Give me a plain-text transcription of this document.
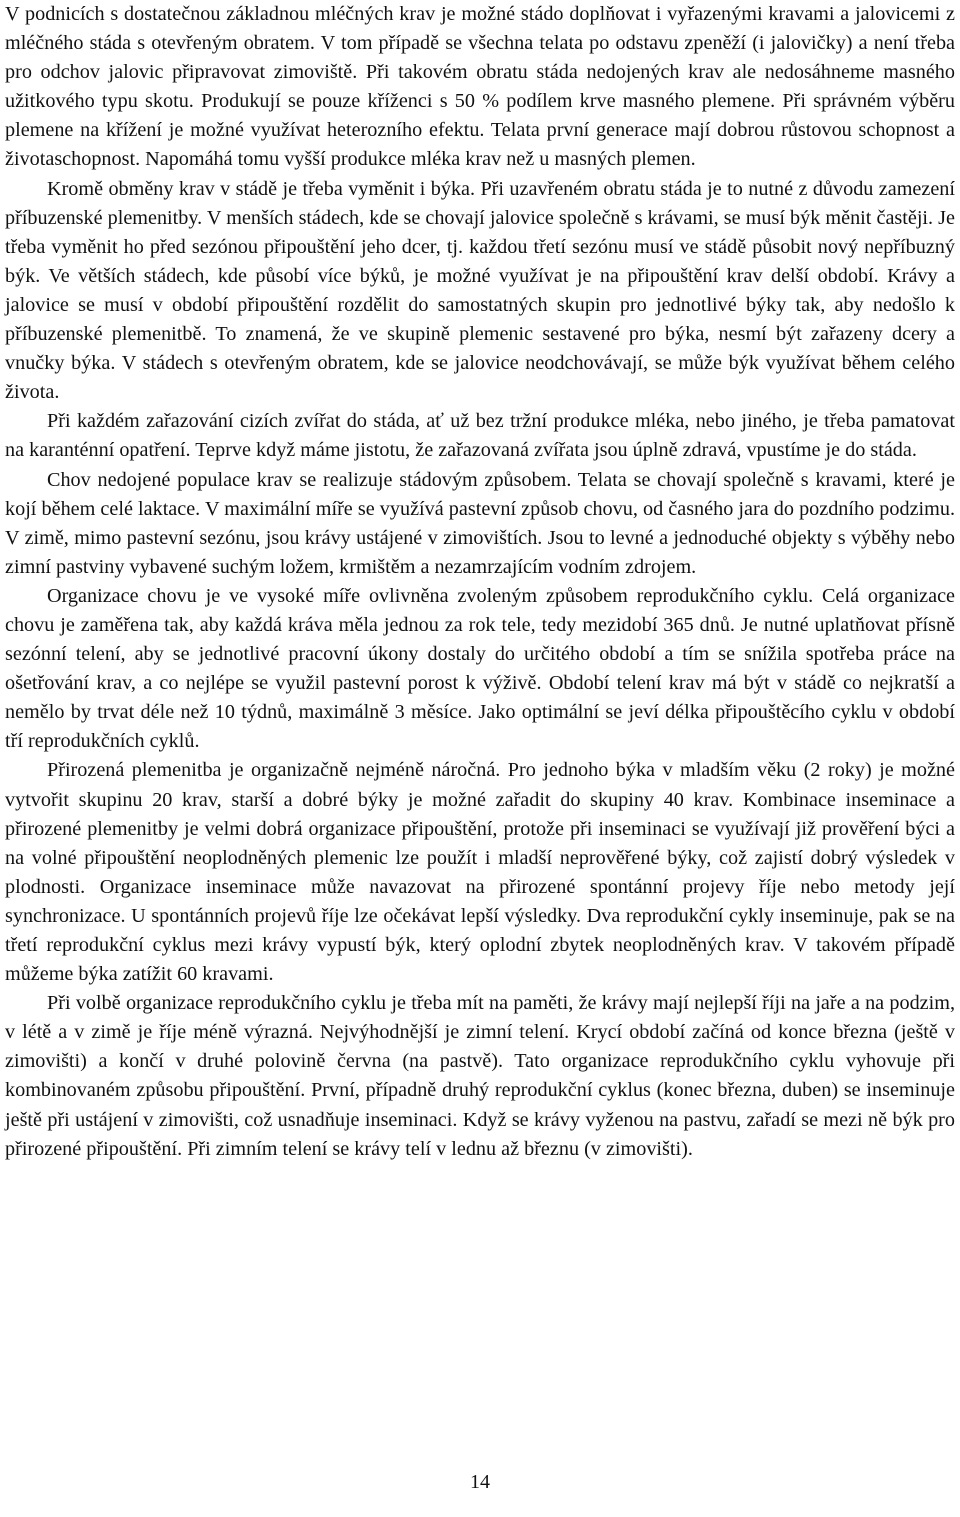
V podnicích s dostatečnou základnou mléčných krav je možné stádo doplňovat i vyřazenými kravami a jalovicemi z mléčného stáda s otevřeným obratem. V tom případě se všechna telata po odstavu zpeněží (i jalovičky) a není třeba pro odchov jalovic připravovat zimoviště. Při takovém obratu stáda nedojených krav ale nedosáhneme masného užitkového typu skotu. Produkují se pouze kříženci s 50 % podílem krve masného plemene. Při správném výběru plemene na křížení je možné využívat heterozního efektu. Telata první generace mají dobrou růstovou schopnost a životaschopnost. Napomáhá tomu vyšší produkce mléka krav než u masných plemen.

Kromě obměny krav v stádě je třeba vyměnit i býka. Při uzavřeném obratu stáda je to nutné z důvodu zamezení příbuzenské plemenitby. V menších stádech, kde se chovají jalovice společně s krávami, se musí býk měnit častěji. Je třeba vyměnit ho před sezónou připouštění jeho dcer, tj. každou třetí sezónu musí ve stádě působit nový nepříbuzný býk. Ve větších stádech, kde působí více býků, je možné využívat je na připouštění krav delší období. Krávy a jalovice se musí v období připouštění rozdělit do samostatných skupin pro jednotlivé býky tak, aby nedošlo k příbuzenské plemenitbě. To znamená, že ve skupině plemenic sestavené pro býka, nesmí být zařazeny dcery a vnučky býka. V stádech s otevřeným obratem, kde se jalovice neodchovávají, se může býk využívat během celého života.

Při každém zařazování cizích zvířat do stáda, ať už bez tržní produkce mléka, nebo jiného, je třeba pamatovat na karanténní opatření. Teprve když máme jistotu, že zařazovaná zvířata jsou úplně zdravá, vpustíme je do stáda.

Chov nedojené populace krav se realizuje stádovým způsobem. Telata se chovají společně s kravami, které je kojí během celé laktace. V maximální míře se využívá pastevní způsob chovu, od časného jara do pozdního podzimu. V zimě, mimo pastevní sezónu, jsou krávy ustájené v zimovištích. Jsou to levné a jednoduché objekty s výběhy nebo zimní pastviny vybavené suchým ložem, krmištěm a nezamrzajícím vodním zdrojem.

Organizace chovu je ve vysoké míře ovlivněna zvoleným způsobem reprodukčního cyklu. Celá organizace chovu je zaměřena tak, aby každá kráva měla jednou za rok tele, tedy mezidobí 365 dnů. Je nutné uplatňovat přísně sezónní telení, aby se jednotlivé pracovní úkony dostaly do určitého období a tím se snížila spotřeba práce na ošetřování krav, a co nejlépe se využil pastevní porost k výživě. Období telení krav má být v stádě co nejkratší a nemělo by trvat déle než 10 týdnů, maximálně 3 měsíce. Jako optimální se jeví délka připouštěcího cyklu v období tří reprodukčních cyklů.

Přirozená plemenitba je organizačně nejméně náročná. Pro jednoho býka v mladším věku (2 roky) je možné vytvořit skupinu 20 krav, starší a dobré býky je možné zařadit do skupiny 40 krav. Kombinace inseminace a přirozené plemenitby je velmi dobrá organizace připouštění, protože při inseminaci se využívají již prověření býci a na volné připouštění neoplodněných plemenic lze použít i mladší neprověřené býky, což zajistí dobrý výsledek v plodnosti. Organizace inseminace může navazovat na přirozené spontánní projevy říje nebo metody její synchronizace. U spontánních projevů říje lze očekávat lepší výsledky. Dva reprodukční cykly inseminuje, pak se na třetí reprodukční cyklus mezi krávy vypustí býk, který oplodní zbytek neoplodněných krav. V takovém případě můžeme býka zatížit 60 kravami.

Při volbě organizace reprodukčního cyklu je třeba mít na paměti, že krávy mají nejlepší říji na jaře a na podzim, v létě a v zimě je říje méně výrazná. Nejvýhodnější je zimní telení. Krycí období začíná od konce března (ještě v zimovišti) a končí v druhé polovině června (na pastvě). Tato organizace reprodukčního cyklu vyhovuje při kombinovaném způsobu připouštění. První, případně druhý reprodukční cyklus (konec března, duben) se inseminuje ještě při ustájení v zimovišti, což usnadňuje inseminaci. Když se krávy vyženou na pastvu, zařadí se mezi ně býk pro přirozené připouštění. Při zimním telení se krávy telí v lednu až březnu (v zimovišti).

14
